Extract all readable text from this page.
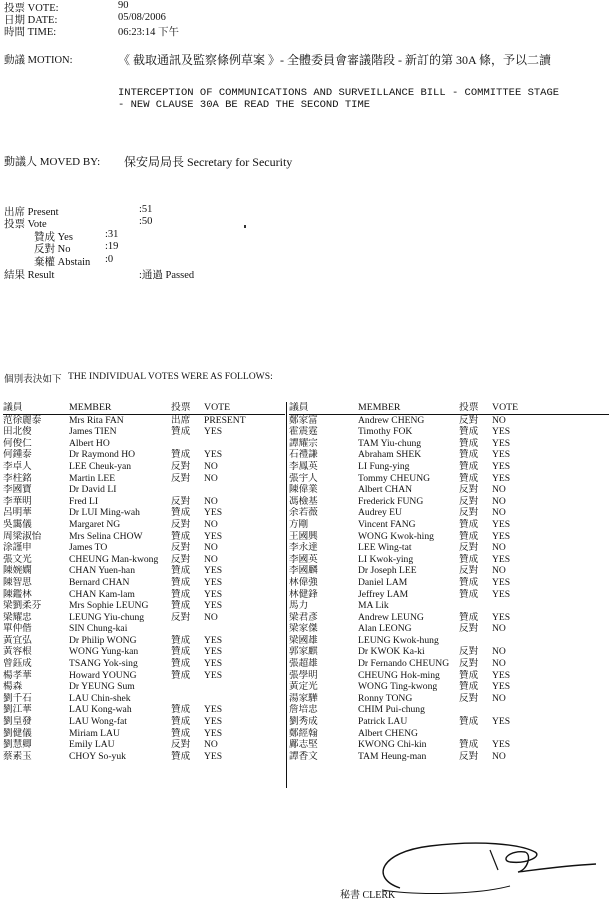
投票 VOTE:	90
日期 DATE:	05/08/2006
時間 TIME:	06:23:14 下午
動議 MOTION:	《 截取通訊及監察條例草案 》- 全體委員會審議階段 - 新訂的第 30A 條，予以二讀
INTERCEPTION OF COMMUNICATIONS AND SURVEILLANCE BILL - COMMITTEE STAGE
- NEW CLAUSE 30A BE READ THE SECOND TIME
動議人 MOVED BY: 保安局局長 Secretary for Security
出席 Present	:51
投票 Vote	:50
贊成 Yes	:31
反對 No	:19
棄權 Abstain :0
結果 Result	:通過 Passed
個別表決如下 THE INDIVIDUAL VOTES WERE AS FOLLOWS:
議員	MEMBER	投票	VOTE
范徐麗泰	Mrs Rita FAN	出席	PRESENT
田北俊	James TIEN	贊成	YES
何俊仁	Albert HO		
何鍾泰	Dr Raymond HO	贊成	YES
李卓人	LEE Cheuk-yan	反對	NO
李柱銘	Martin LEE	反對	NO
李國寶	Dr David LI		
李華明	Fred LI	反對	NO
呂明華	Dr LUI Ming-wah	贊成	YES
吳靄儀	Margaret NG	反對	NO
周梁淑怡	Mrs Selina CHOW	贊成	YES
涂謹申	James TO	反對	NO
張文光	CHEUNG Man-kwong	反對	NO
陳婉嫻	CHAN Yuen-han	贊成	YES
陳智思	Bernard CHAN	贊成	YES
陳鑑林	CHAN Kam-lam	贊成	YES
梁劉柔芬	Mrs Sophie LEUNG	贊成	YES
梁耀忠	LEUNG Yiu-chung	反對	NO
單仲偕	SIN Chung-kai		
黃宜弘	Dr Philip WONG	贊成	YES
黃容根	WONG Yung-kan	贊成	YES
曾鈺成	TSANG Yok-sing	贊成	YES
楊孝華	Howard YOUNG	贊成	YES
楊森	Dr YEUNG Sum		
劉千石	LAU Chin-shek		
劉江華	LAU Kong-wah	贊成	YES
劉皇發	LAU Wong-fat	贊成	YES
劉健儀	Miriam LAU	贊成	YES
劉慧卿	Emily LAU	反對	NO
蔡素玉	CHOY So-yuk	贊成	YES
議員	MEMBER	投票	VOTE
鄭家富	Andrew CHENG	反對	NO
霍震霆	Timothy FOK	贊成	YES
譚耀宗	TAM Yiu-chung	贊成	YES
石禮謙	Abraham SHEK	贊成	YES
李鳳英	LI Fung-ying	贊成	YES
張宇人	Tommy CHEUNG	贊成	YES
陳偉業	Albert CHAN	反對	NO
馮檢基	Frederick FUNG	反對	NO
余若薇	Audrey EU	反對	NO
方剛	Vincent FANG	贊成	YES
王國興	WONG Kwok-hing	贊成	YES
李永達	LEE Wing-tat	反對	NO
李國英	LI Kwok-ying	贊成	YES
李國麟	Dr Joseph LEE	反對	NO
林偉強	Daniel LAM	贊成	YES
林健鋒	Jeffrey LAM	贊成	YES
馬力	MA Lik		
梁君彥	Andrew LEUNG	贊成	YES
梁家傑	Alan LEONG	反對	NO
梁國雄	LEUNG Kwok-hung		
郭家麒	Dr KWOK Ka-ki	反對	NO
張超雄	Dr Fernando CHEUNG	反對	NO
張學明	CHEUNG Hok-ming	贊成	YES
黃定光	WONG Ting-kwong	贊成	YES
湯家驊	Ronny TONG	反對	NO
詹培忠	CHIM Pui-chung		
劉秀成	Patrick LAU	贊成	YES
鄭經翰	Albert CHENG		
鄺志堅	KWONG Chi-kin	贊成	YES
譚香文	TAM Heung-man	反對	NO
秘書 CLERK
